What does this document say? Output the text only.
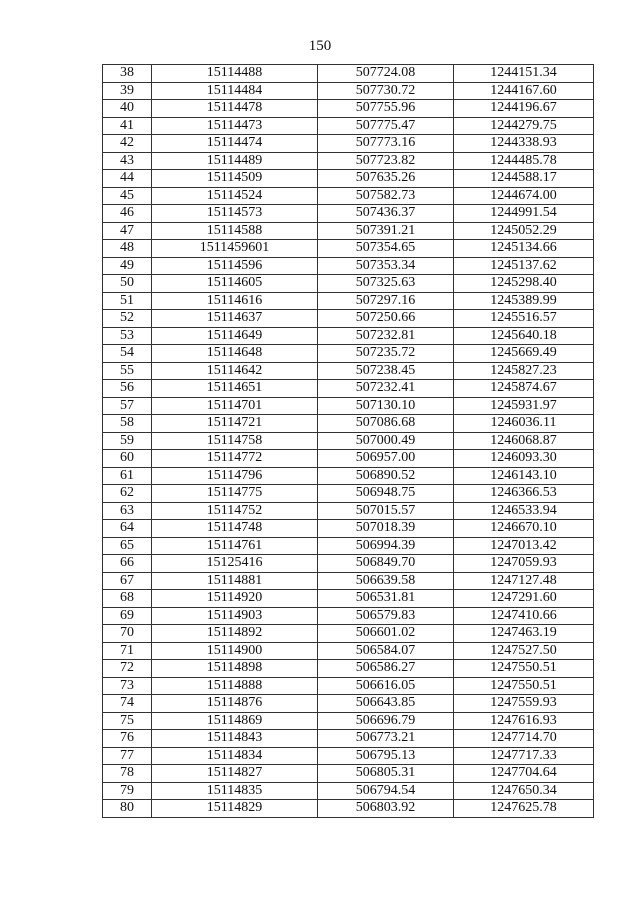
150
38	15114488	507724.08	1244151.34
39	15114484	507730.72	1244167.60
40	15114478	507755.96	1244196.67
41	15114473	507775.47	1244279.75
42	15114474	507773.16	1244338.93
43	15114489	507723.82	1244485.78
44	15114509	507635.26	1244588.17
45	15114524	507582.73	1244674.00
46	15114573	507436.37	1244991.54
47	15114588	507391.21	1245052.29
48	1511459601	507354.65	1245134.66
49	15114596	507353.34	1245137.62
50	15114605	507325.63	1245298.40
51	15114616	507297.16	1245389.99
52	15114637	507250.66	1245516.57
53	15114649	507232.81	1245640.18
54	15114648	507235.72	1245669.49
55	15114642	507238.45	1245827.23
56	15114651	507232.41	1245874.67
57	15114701	507130.10	1245931.97
58	15114721	507086.68	1246036.11
59	15114758	507000.49	1246068.87
60	15114772	506957.00	1246093.30
61	15114796	506890.52	1246143.10
62	15114775	506948.75	1246366.53
63	15114752	507015.57	1246533.94
64	15114748	507018.39	1246670.10
65	15114761	506994.39	1247013.42
66	15125416	506849.70	1247059.93
67	15114881	506639.58	1247127.48
68	15114920	506531.81	1247291.60
69	15114903	506579.83	1247410.66
70	15114892	506601.02	1247463.19
71	15114900	506584.07	1247527.50
72	15114898	506586.27	1247550.51
73	15114888	506616.05	1247550.51
74	15114876	506643.85	1247559.93
75	15114869	506696.79	1247616.93
76	15114843	506773.21	1247714.70
77	15114834	506795.13	1247717.33
78	15114827	506805.31	1247704.64
79	15114835	506794.54	1247650.34
80	15114829	506803.92	1247625.78
